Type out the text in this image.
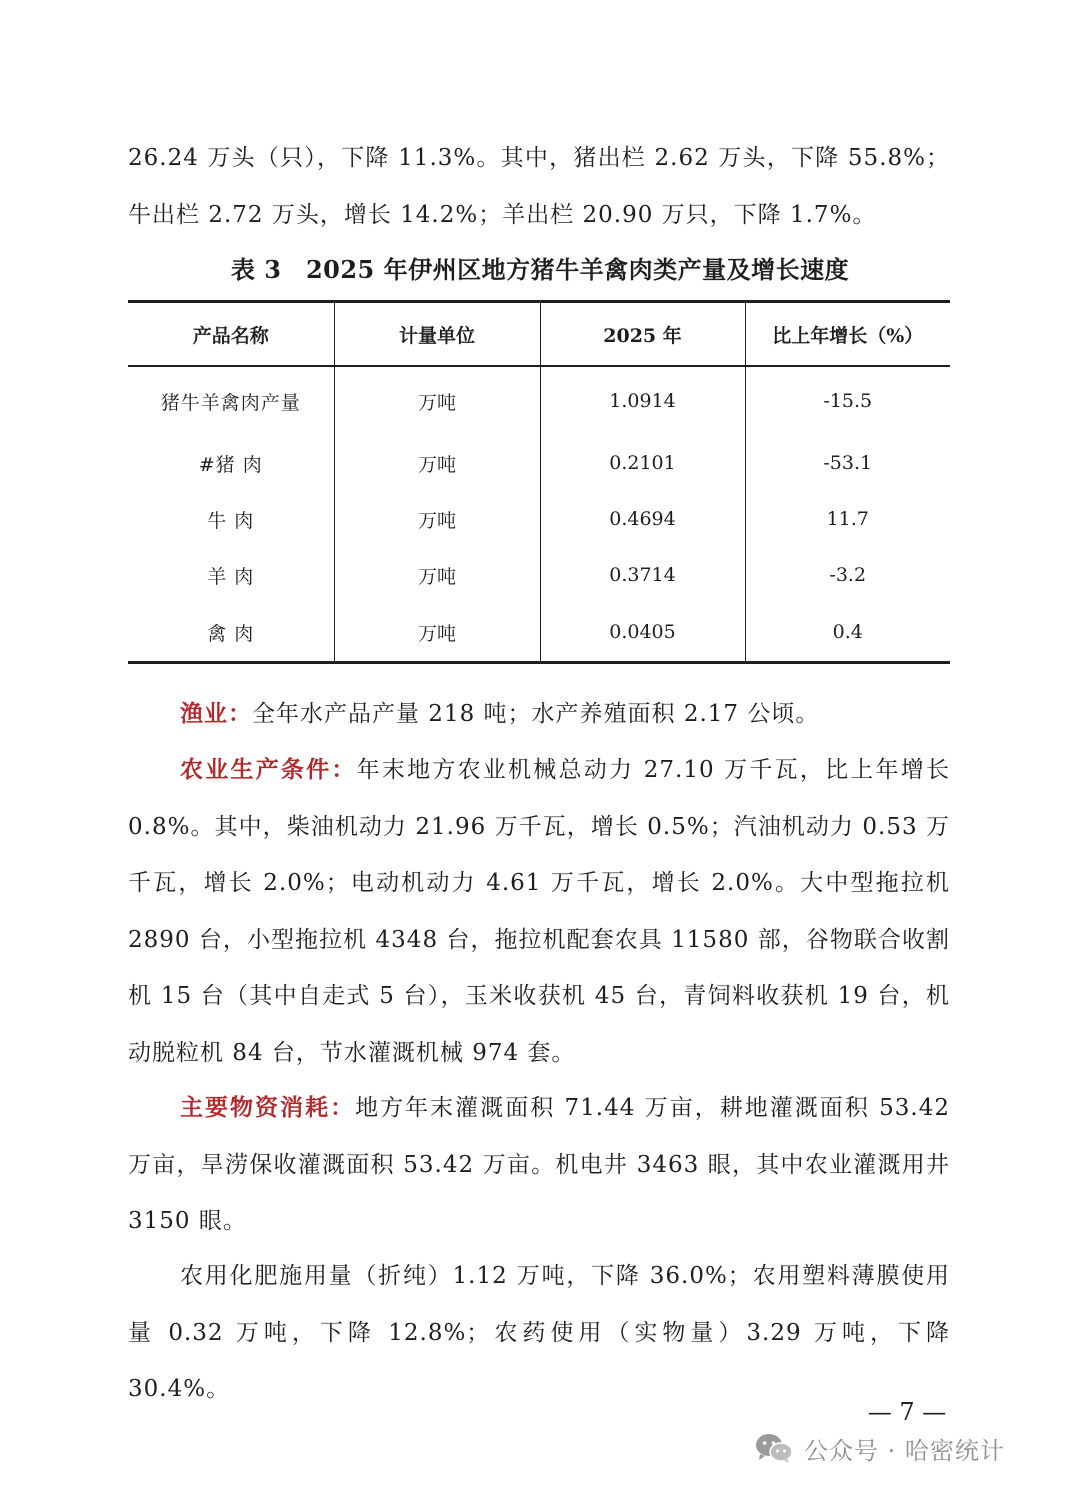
26.24 万头（只），下降 11.3%。其中，猪出栏 2.62 万头，下降 55.8%；牛出栏 2.72 万头，增长 14.2%；羊出栏 20.90 万只，下降 1.7%。

表 3　2025 年伊州区地方猪牛羊禽肉类产量及增长速度
产品名称	计量单位	2025 年	比上年增长（%）
猪牛羊禽肉产量	万吨	1.0914	-15.5
#猪 肉	万吨	0.2101	-53.1
牛 肉	万吨	0.4694	11.7
羊 肉	万吨	0.3714	-3.2
禽 肉	万吨	0.0405	0.4

渔业：全年水产品产量 218 吨；水产养殖面积 2.17 公顷。

农业生产条件：年末地方农业机械总动力 27.10 万千瓦，比上年增长 0.8%。其中，柴油机动力 21.96 万千瓦，增长 0.5%；汽油机动力 0.53 万千瓦，增长 2.0%；电动机动力 4.61 万千瓦，增长 2.0%。大中型拖拉机 2890 台，小型拖拉机 4348 台，拖拉机配套农具 11580 部，谷物联合收割机 15 台（其中自走式 5 台），玉米收获机 45 台，青饲料收获机 19 台，机动脱粒机 84 台，节水灌溉机械 974 套。

主要物资消耗：地方年末灌溉面积 71.44 万亩，耕地灌溉面积 53.42 万亩，旱涝保收灌溉面积 53.42 万亩。机电井 3463 眼，其中农业灌溉用井 3150 眼。

农用化肥施用量（折纯）1.12 万吨，下降 36.0%；农用塑料薄膜使用量 0.32 万吨，下降 12.8%；农药使用（实物量）3.29 万吨，下降 30.4%。

— 7 —
公众号 · 哈密统计
